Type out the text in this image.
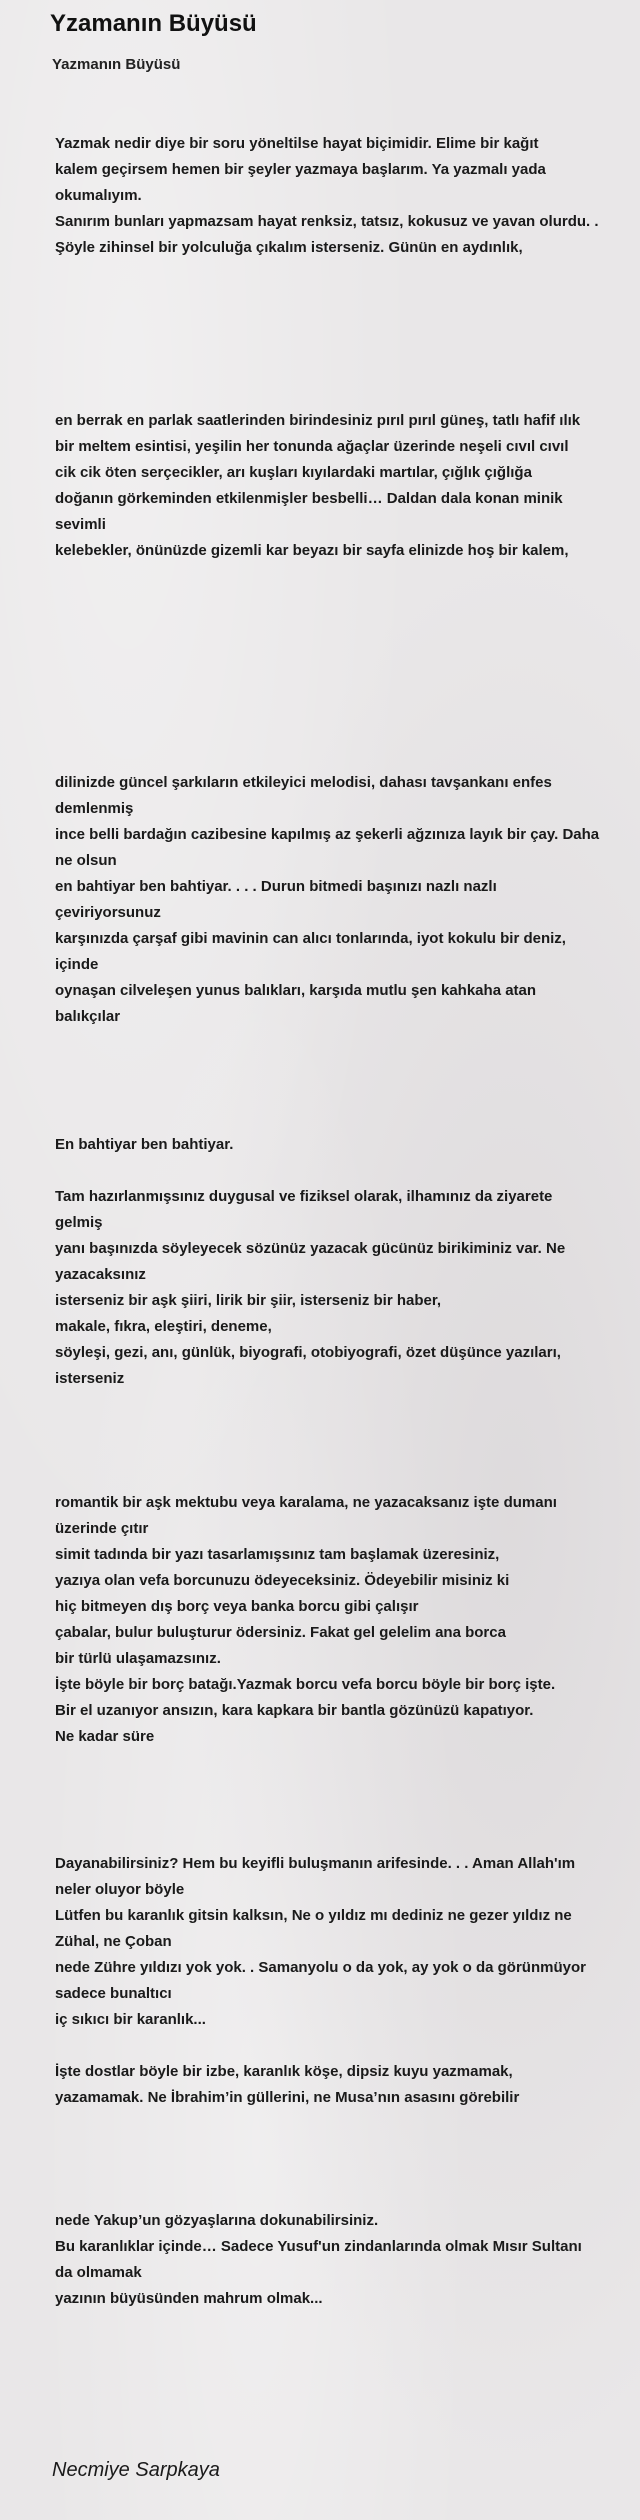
Yzamanın Büyüsü
Yazmanın Büyüsü

Yazmak nedir diye bir soru yöneltilse hayat biçimidir. Elime bir kağıt
kalem geçirsem hemen bir şeyler yazmaya başlarım. Ya yazmalı yada okumalıyım.
Sanırım bunları yapmazsam hayat renksiz, tatsız, kokusuz ve yavan olurdu. .
Şöyle zihinsel bir yolculuğa çıkalım isterseniz. Günün en aydınlık,

en berrak en parlak saatlerinden birindesiniz pırıl pırıl güneş, tatlı hafif ılık
bir meltem esintisi, yeşilin her tonunda ağaçlar üzerinde neşeli cıvıl cıvıl
cik cik öten serçecikler, arı kuşları kıyılardaki martılar, çığlık çığlığa
doğanın görkeminden etkilenmişler besbelli… Daldan dala konan minik sevimli
kelebekler, önünüzde gizemli kar beyazı bir sayfa elinizde hoş bir kalem,

dilinizde güncel şarkıların etkileyici melodisi, dahası tavşankanı enfes demlenmiş
ince belli bardağın cazibesine kapılmış az şekerli ağzınıza layık bir çay. Daha ne olsun
en bahtiyar ben bahtiyar. . . . Durun bitmedi başınızı nazlı nazlı çeviriyorsunuz
karşınızda çarşaf gibi mavinin can alıcı tonlarında, iyot kokulu bir deniz, içinde
oynaşan cilveleşen yunus balıkları, karşıda mutlu şen kahkaha atan balıkçılar

En bahtiyar ben bahtiyar.

Tam hazırlanmışsınız duygusal ve fiziksel olarak, ilhamınız da ziyarete gelmiş
yanı başınızda söyleyecek sözünüz yazacak gücünüz birikiminiz var. Ne yazacaksınız
isterseniz bir aşk şiiri, lirik bir şiir, isterseniz bir haber,
makale, fıkra, eleştiri, deneme,
söyleşi, gezi, anı, günlük, biyografi, otobiyografi, özet düşünce yazıları, isterseniz

romantik bir aşk mektubu veya karalama, ne yazacaksanız işte dumanı üzerinde çıtır
simit tadında bir yazı tasarlamışsınız tam başlamak üzeresiniz,
yazıya olan vefa borcunuzu ödeyeceksiniz. Ödeyebilir misiniz ki
hiç bitmeyen dış borç veya banka borcu gibi çalışır
çabalar, bulur buluşturur ödersiniz. Fakat gel gelelim ana borca
bir türlü ulaşamazsınız.
İşte böyle bir borç batağı.Yazmak borcu vefa borcu böyle bir borç işte.
Bir el uzanıyor ansızın, kara kapkara bir bantla gözünüzü kapatıyor.
Ne kadar süre

Dayanabilirsiniz? Hem bu keyifli buluşmanın arifesinde. . . Aman Allah'ım neler oluyor böyle
Lütfen bu karanlık gitsin kalksın, Ne o yıldız mı dediniz ne gezer yıldız ne Zühal, ne Çoban
nede Zühre yıldızı yok yok. . Samanyolu o da yok, ay yok o da görünmüyor sadece bunaltıcı
iç sıkıcı bir karanlık...

İşte dostlar böyle bir izbe, karanlık köşe, dipsiz kuyu yazmamak,
yazamamak. Ne İbrahim’in güllerini, ne Musa’nın asasını görebilir

nede Yakup’un gözyaşlarına dokunabilirsiniz.
Bu karanlıklar içinde… Sadece Yusuf'un zindanlarında olmak Mısır Sultanı da olmamak
yazının büyüsünden mahrum olmak...

Necmiye Sarpkaya
